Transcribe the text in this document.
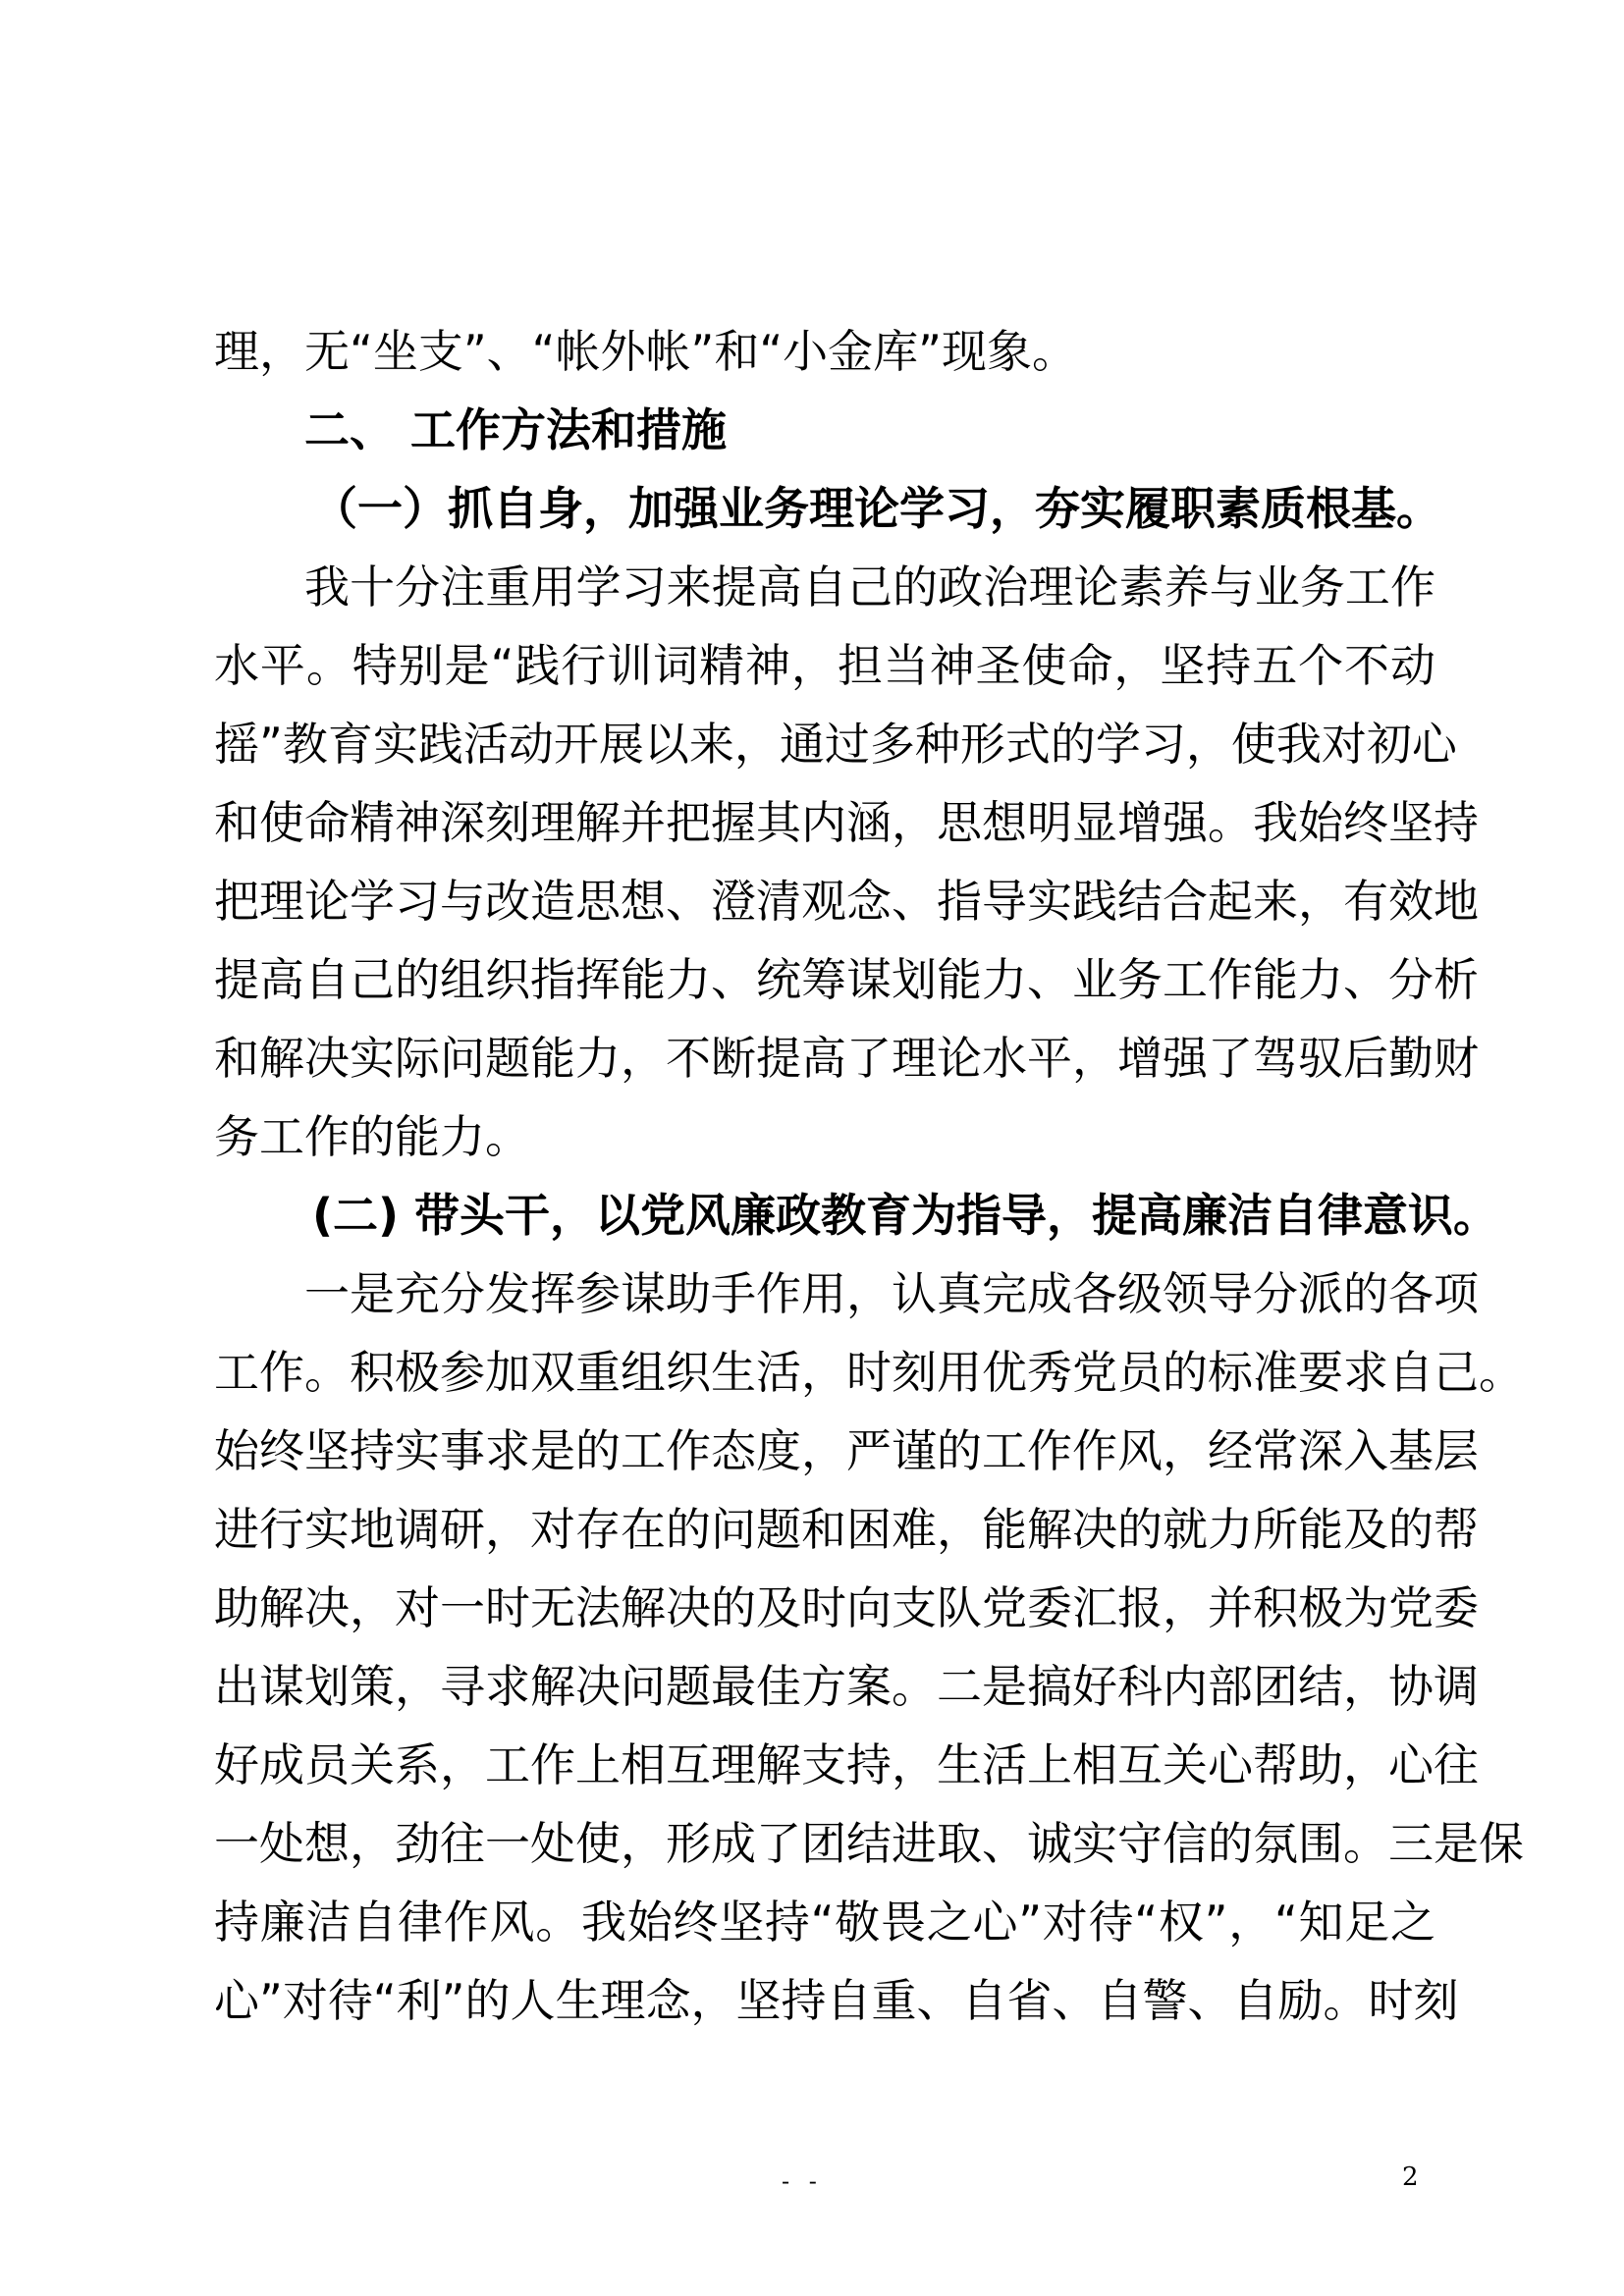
理，无“坐支”、“帐外帐”和“小金库”现象。
二、 工作方法和措施
（一）抓自身，加强业务理论学习，夯实履职素质根基。
我十分注重用学习来提高自己的政治理论素养与业务工作
水平。特别是“践行训词精神，担当神圣使命，坚持五个不动
摇”教育实践活动开展以来，通过多种形式的学习，使我对初心
和使命精神深刻理解并把握其内涵，思想明显增强。我始终坚持
把理论学习与改造思想、澄清观念、指导实践结合起来，有效地
提高自己的组织指挥能力、统筹谋划能力、业务工作能力、分析
和解决实际问题能力，不断提高了理论水平，增强了驾驭后勤财
务工作的能力。
(二) 带头干，以党风廉政教育为指导，提高廉洁自律意识。
一是充分发挥参谋助手作用，认真完成各级领导分派的各项
工作。积极参加双重组织生活，时刻用优秀党员的标准要求自己。
始终坚持实事求是的工作态度，严谨的工作作风，经常深入基层
进行实地调研，对存在的问题和困难，能解决的就力所能及的帮
助解决，对一时无法解决的及时向支队党委汇报，并积极为党委
出谋划策，寻求解决问题最佳方案。二是搞好科内部团结，协调
好成员关系，工作上相互理解支持，生活上相互关心帮助，心往
一处想，劲往一处使，形成了团结进取、诚实守信的氛围。三是保
持廉洁自律作风。我始终坚持“敬畏之心”对待“权”，“知足之
心”对待“利”的人生理念，坚持自重、自省、自警、自励。时刻
- -	2
